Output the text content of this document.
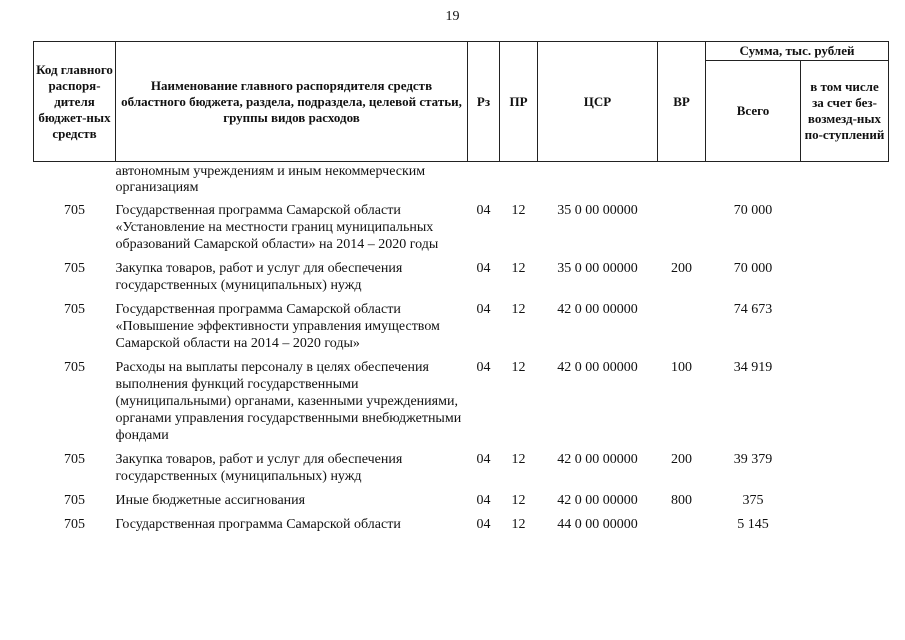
19
Код главного распоря-дителя бюджет-ных средств	Наименование главного распорядителя средств областного бюджета, раздела, подраздела, целевой статьи, группы видов расходов	Рз	ПР	ЦСР	ВР	Сумма, тыс. рублей	
						Всего	в том числе за счет без-возмезд-ных по-ступлений
	автономным учреждениям и иным некоммерческим организациям						
705	Государственная программа Самарской области «Установление на местности границ муниципальных образований Самарской области» на 2014 – 2020 годы	04	12	35 0 00 00000		70 000	
705	Закупка товаров, работ и услуг для обеспечения государственных (муниципальных) нужд	04	12	35 0 00 00000	200	70 000	
705	Государственная программа Самарской области «Повышение эффективности управления имуществом Самарской области на 2014 – 2020 годы»	04	12	42 0 00 00000		74 673	
705	Расходы на выплаты персоналу в целях обеспечения выполнения функций государственными (муниципальными) органами, казенными учреждениями, органами управления государственными внебюджетными фондами	04	12	42 0 00 00000	100	34 919	
705	Закупка товаров, работ и услуг для обеспечения государственных (муниципальных) нужд	04	12	42 0 00 00000	200	39 379	
705	Иные бюджетные ассигнования	04	12	42 0 00 00000	800	375	
705	Государственная программа Самарской области	04	12	44 0 00 00000		5 145	
